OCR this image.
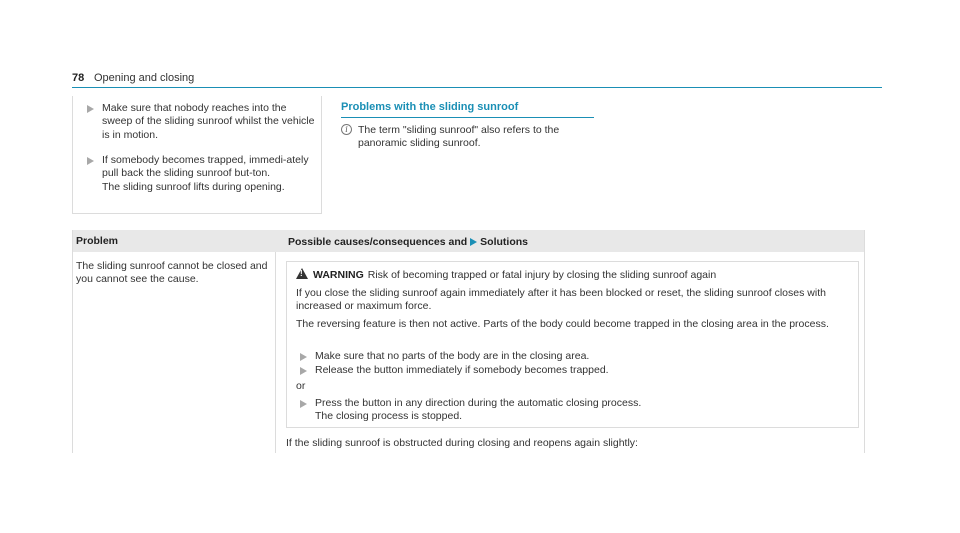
78 Opening and closing
Make sure that nobody reaches into the sweep of the sliding sunroof whilst the vehicle is in motion.
If somebody becomes trapped, immedi-ately pull back the sliding sunroof but-ton.
The sliding sunroof lifts during opening.
Problems with the sliding sunroof
i The term "sliding sunroof" also refers to the panoramic sliding sunroof.
Problem	Possible causes/consequences and Solutions
The sliding sunroof cannot be closed and you cannot see the cause.
!	WARNING Risk of becoming trapped or fatal injury by closing the sliding sunroof again
If you close the sliding sunroof again immediately after it has been blocked or reset, the sliding sunroof closes with increased or maximum force.
The reversing feature is then not active. Parts of the body could become trapped in the closing area in the process.
Make sure that no parts of the body are in the closing area.
Release the button immediately if somebody becomes trapped.
or
Press the button in any direction during the automatic closing process.
The closing process is stopped.
If the sliding sunroof is obstructed during closing and reopens again slightly:
